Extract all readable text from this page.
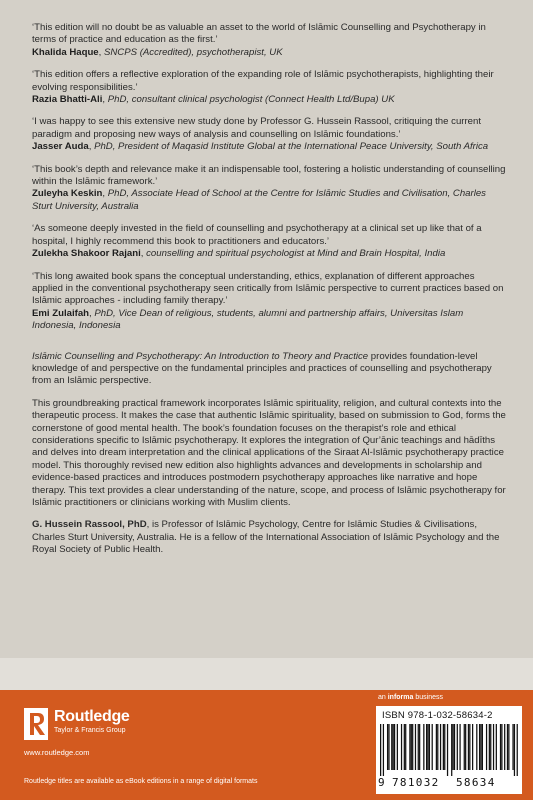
‘This edition will no doubt be as valuable an asset to the world of Islāmic Counselling and Psychotherapy in terms of practice and education as the first.’

Khalida Haque, SNCPS (Accredited), psychotherapist, UK

‘This edition offers a reflective exploration of the expanding role of Islāmic psychotherapists, highlighting their evolving responsibilities.’

Razia Bhatti-Ali, PhD, consultant clinical psychologist (Connect Health Ltd/Bupa) UK

‘I was happy to see this extensive new study done by Professor G. Hussein Rassool, critiquing the current paradigm and proposing new ways of analysis and counselling on Islāmic foundations.’

Jasser Auda, PhD, President of Maqasid Institute Global at the International Peace University, South Africa

‘This book’s depth and relevance make it an indispensable tool, fostering a holistic understanding of counselling within the Islāmic framework.’

Zuleyha Keskin, PhD, Associate Head of School at the Centre for Islāmic Studies and Civilisation, Charles Sturt University, Australia

‘As someone deeply invested in the field of counselling and psychotherapy at a clinical set up like that of a hospital, I highly recommend this book to practitioners and educators.’

Zulekha Shakoor Rajani, counselling and spiritual psychologist at Mind and Brain Hospital, India

‘This long awaited book spans the conceptual understanding, ethics, explanation of different approaches applied in the conventional psychotherapy seen critically from Islāmic perspective to current practices based on Islāmic approaches - including family therapy.’

Emi Zulaifah, PhD, Vice Dean of religious, students, alumni and partnership affairs, Universitas Islam Indonesia, Indonesia

Islāmic Counselling and Psychotherapy: An Introduction to Theory and Practice provides foundation-level knowledge of and perspective on the fundamental principles and practices of counselling and psychotherapy from an Islāmic perspective.

This groundbreaking practical framework incorporates Islāmic spirituality, religion, and cultural contexts into the therapeutic process. It makes the case that authentic Islāmic spirituality, based on submission to God, forms the cornerstone of good mental health. The book’s foundation focuses on the therapist’s role and ethical considerations specific to Islāmic psychotherapy. It explores the integration of Qur’ānic teachings and hādīths and delves into dream interpretation and the clinical applications of the Siraat Al-Islāmic psychotherapy practice model. This thoroughly revised new edition also highlights advances and developments in scholarship and evidence-based practices and introduces postmodern psychotherapy approaches like narrative and hope therapy. This text provides a clear understanding of the nature, scope, and process of Islāmic psychotherapy for Islāmic practitioners or clinicians working with Muslim clients.

G. Hussein Rassool, PhD, is Professor of Islāmic Psychology, Centre for Islāmic Studies & Civilisations, Charles Sturt University, Australia. He is a fellow of the International Association of Islāmic Psychology and the Royal Society of Public Health.

an informa business
Routledge
Taylor & Francis Group
www.routledge.com
Routledge titles are available as eBook editions in a range of digital formats
ISBN 978-1-032-58634-2
9 781032	58634
